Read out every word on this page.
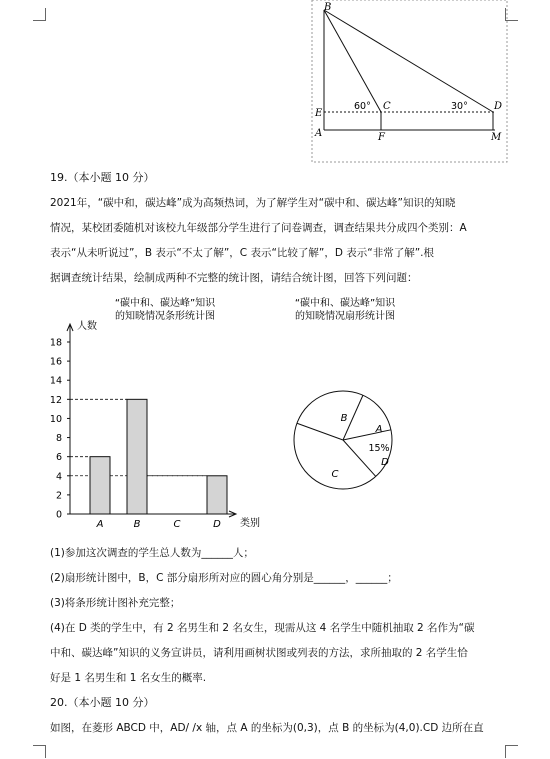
B
E
A
C
F
D
M
60°	30°
19.（本小题 10 分）
2021年，“碳中和，碳达峰”成为高频热词，为了解学生对“碳中和、碳达峰”知识的知晓
情况，某校团委随机对该校九年级部分学生进行了问卷调查，调查结果共分成四个类别：A
表示“从未听说过”，B 表示“不太了解”，C 表示“比较了解”，D 表示“非常了解”.根
据调查统计结果，绘制成两种不完整的统计图，请结合统计图，回答下列问题：
“碳中和、碳达峰”知识
的知晓情况条形统计图
0
2
4
6
8
10
12
14
16
18
A	B	C	D
人数
类别
“碳中和、碳达峰”知识
的知晓情况扇形统计图
A
B
C
D
15%
(1)参加这次调查的学生总人数为______人；
(2)扇形统计图中，B，C 部分扇形所对应的圆心角分别是______，______；
(3)将条形统计图补充完整；
(4)在 D 类的学生中，有 2 名男生和 2 名女生，现需从这 4 名学生中随机抽取 2 名作为“碳
中和、碳达峰”知识的义务宣讲员，请利用画树状图或列表的方法，求所抽取的 2 名学生恰
好是 1 名男生和 1 名女生的概率.
20.（本小题 10 分）
如图，在菱形 ABCD 中，AD/ /x 轴，点 A 的坐标为(0,3)，点 B 的坐标为(4,0).CD 边所在直
